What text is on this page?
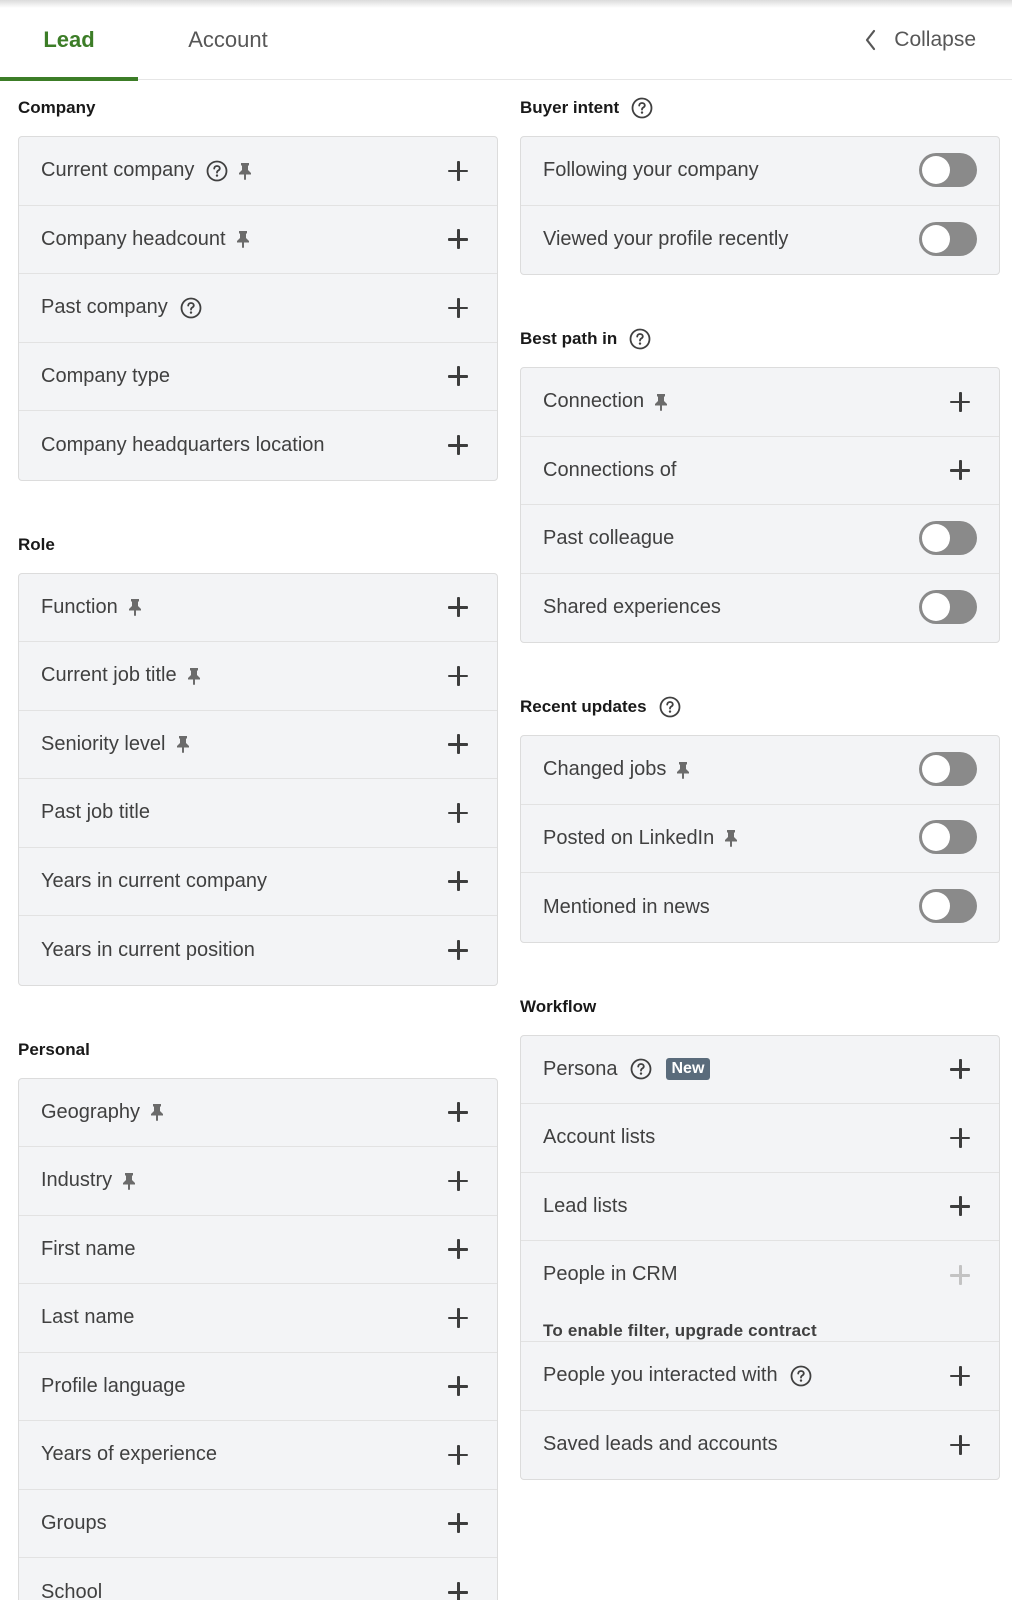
Lead	Account	Collapse
Company
Current company
Company headcount
Past company
Company type
Company headquarters location
Role
Function
Current job title
Seniority level
Past job title
Years in current company
Years in current position
Personal
Geography
Industry
First name
Last name
Profile language
Years of experience
Groups
School
Buyer intent
Following your company
Viewed your profile recently
Best path in
Connection
Connections of
Past colleague
Shared experiences
Recent updates
Changed jobs
Posted on LinkedIn
Mentioned in news
Workflow
Persona	New
Account lists
Lead lists
People in CRM
To enable filter, upgrade contract
People you interacted with
Saved leads and accounts
